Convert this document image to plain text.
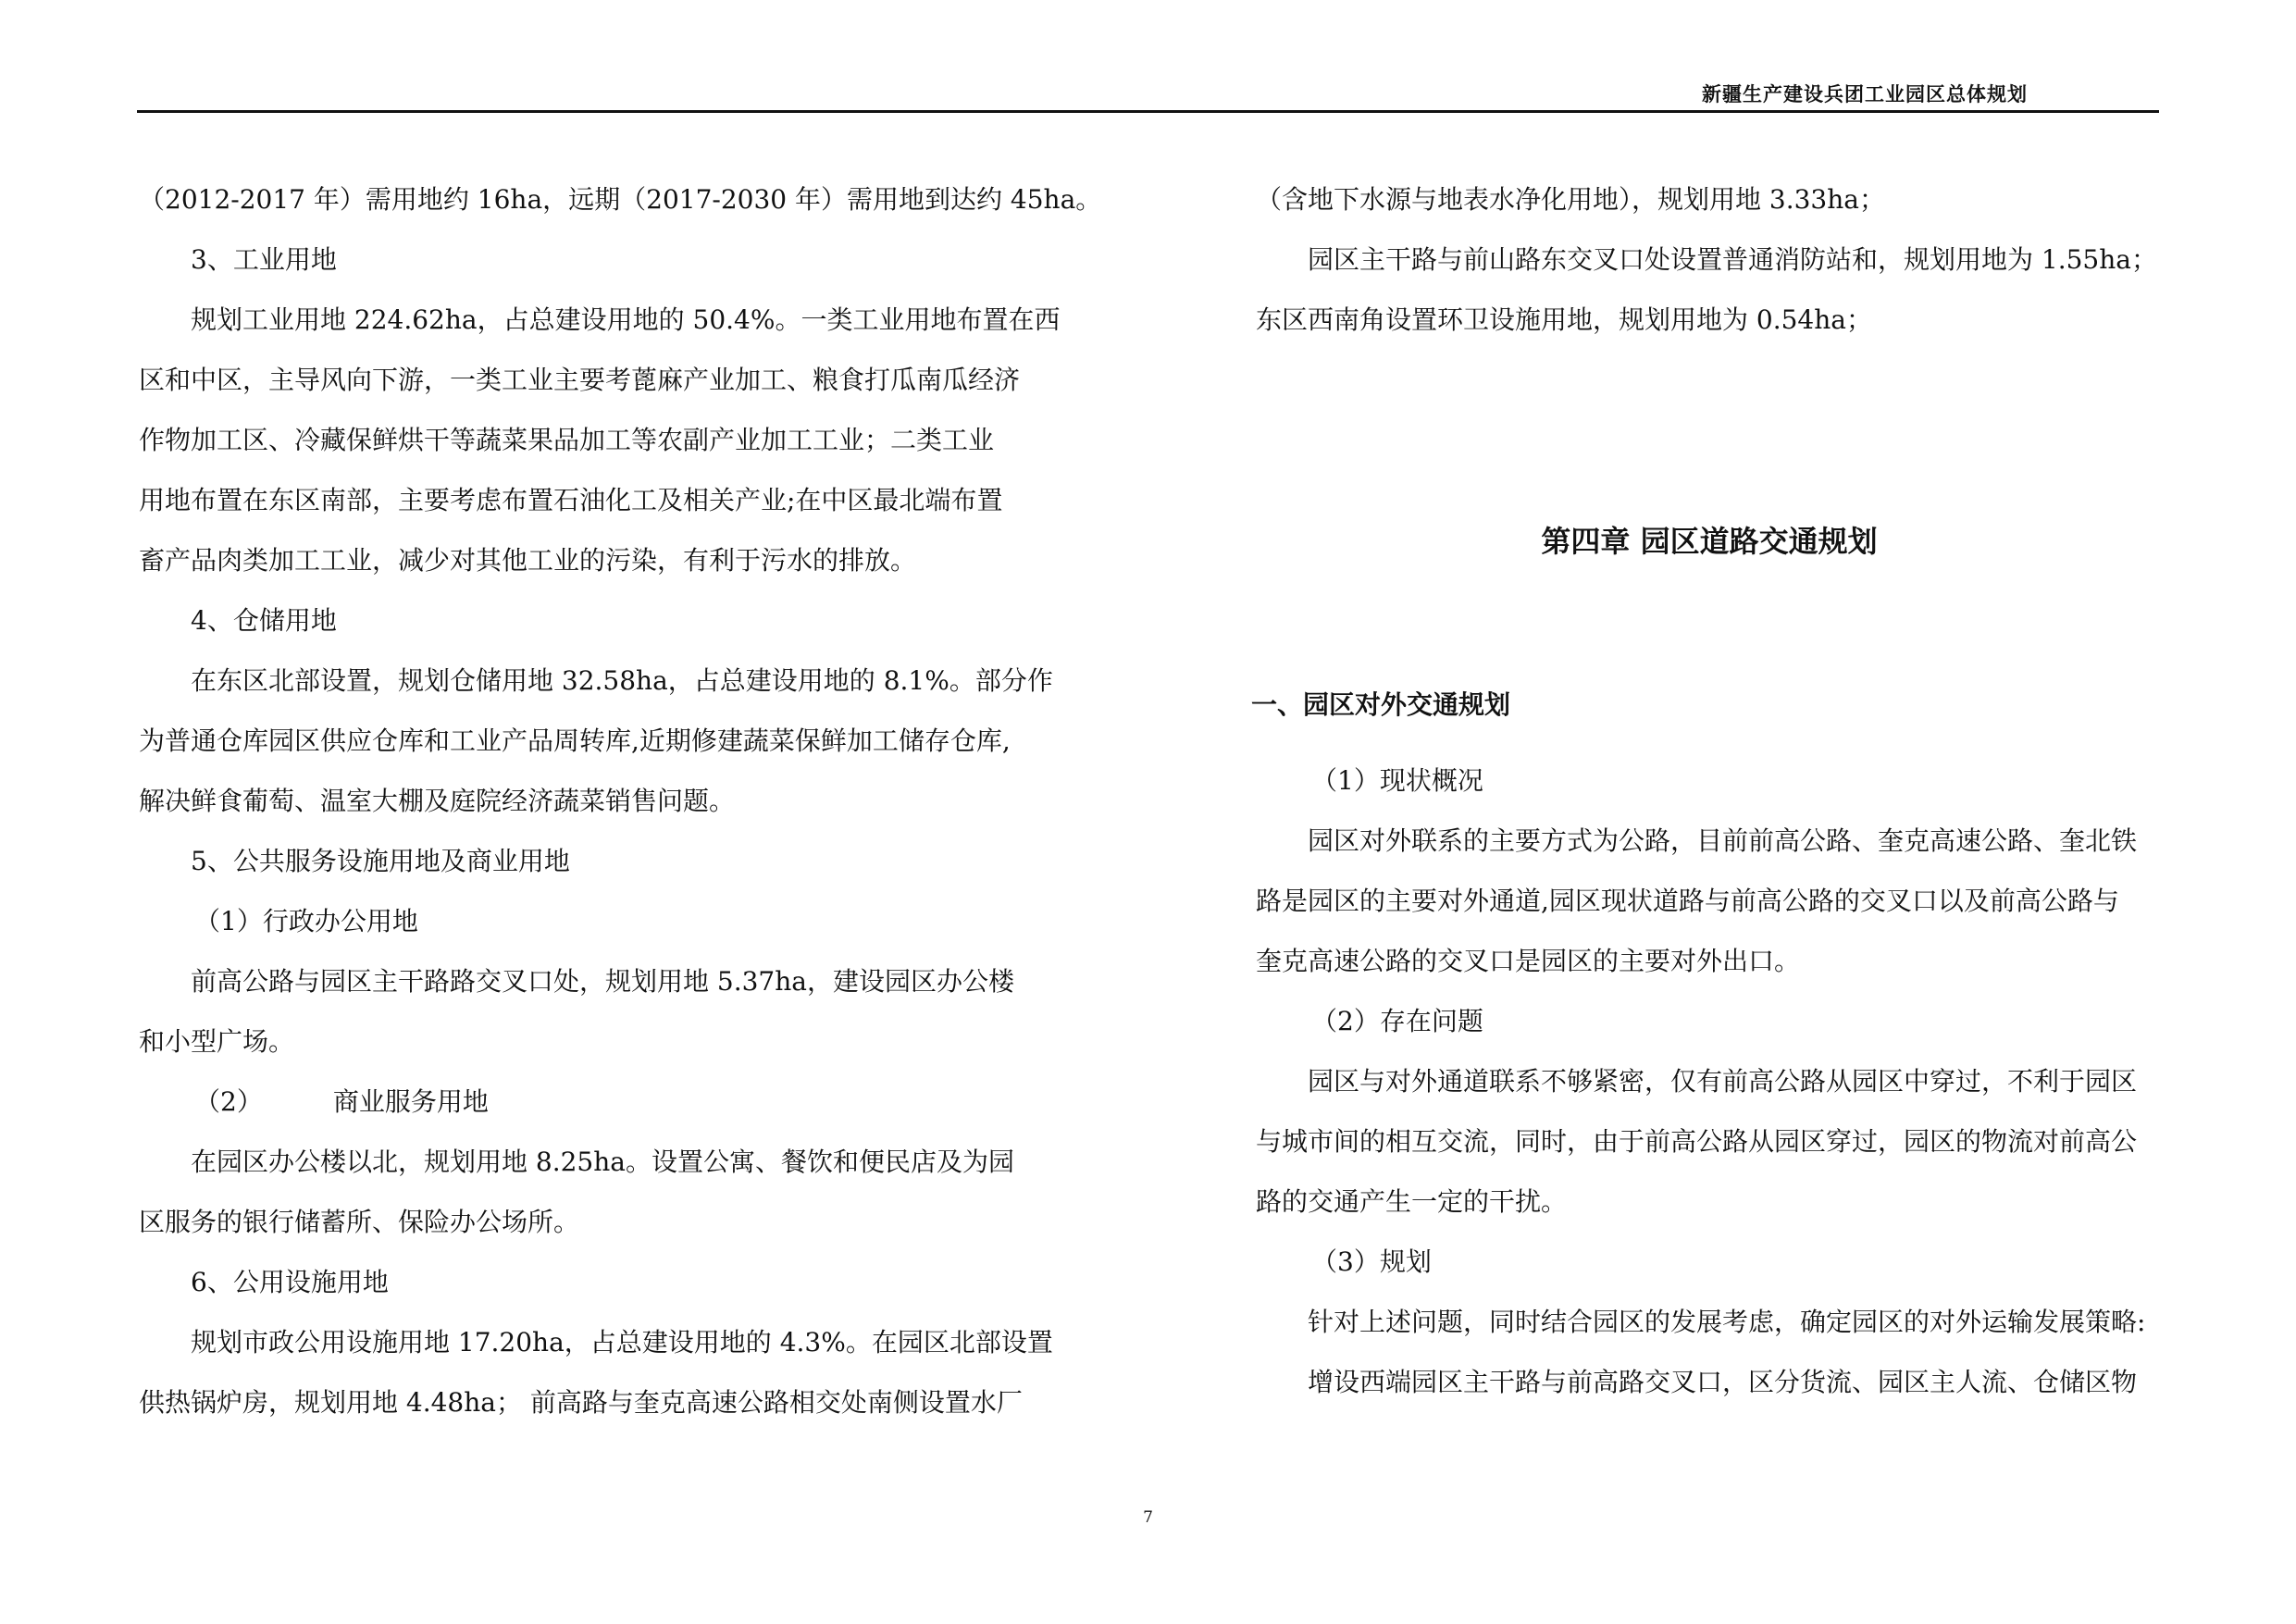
新疆生产建设兵团工业园区总体规划
（2012-2017 年）需用地约 16ha，远期（2017-2030 年）需用地到达约 45ha。
3、工业用地
规划工业用地 224.62ha，占总建设用地的 50.4%。一类工业用地布置在西
区和中区，主导风向下游，一类工业主要考蓖麻产业加工、粮食打瓜南瓜经济
作物加工区、冷藏保鲜烘干等蔬菜果品加工等农副产业加工工业；二类工业
用地布置在东区南部，主要考虑布置石油化工及相关产业;在中区最北端布置
畜产品肉类加工工业，减少对其他工业的污染，有利于污水的排放。
4、仓储用地
在东区北部设置，规划仓储用地 32.58ha，占总建设用地的 8.1%。部分作
为普通仓库园区供应仓库和工业产品周转库,近期修建蔬菜保鲜加工储存仓库,
解决鲜食葡萄、温室大棚及庭院经济蔬菜销售问题。
5、公共服务设施用地及商业用地
（1）行政办公用地
前高公路与园区主干路路交叉口处，规划用地 5.37ha，建设园区办公楼
和小型广场。
（2）	商业服务用地
在园区办公楼以北，规划用地 8.25ha。设置公寓、餐饮和便民店及为园
区服务的银行储蓄所、保险办公场所。
6、公用设施用地
规划市政公用设施用地 17.20ha，占总建设用地的 4.3%。在园区北部设置
供热锅炉房，规划用地 4.48ha； 前高路与奎克高速公路相交处南侧设置水厂
（含地下水源与地表水净化用地），规划用地 3.33ha；
园区主干路与前山路东交叉口处设置普通消防站和，规划用地为 1.55ha；
东区西南角设置环卫设施用地，规划用地为 0.54ha；
第四章 园区道路交通规划
一、园区对外交通规划
（1）现状概况
园区对外联系的主要方式为公路，目前前高公路、奎克高速公路、奎北铁
路是园区的主要对外通道,园区现状道路与前高公路的交叉口以及前高公路与
奎克高速公路的交叉口是园区的主要对外出口。
（2）存在问题
园区与对外通道联系不够紧密，仅有前高公路从园区中穿过，不利于园区
与城市间的相互交流，同时，由于前高公路从园区穿过，园区的物流对前高公
路的交通产生一定的干扰。
（3）规划
针对上述问题，同时结合园区的发展考虑，确定园区的对外运输发展策略:
增设西端园区主干路与前高路交叉口，区分货流、园区主人流、仓储区物
7
